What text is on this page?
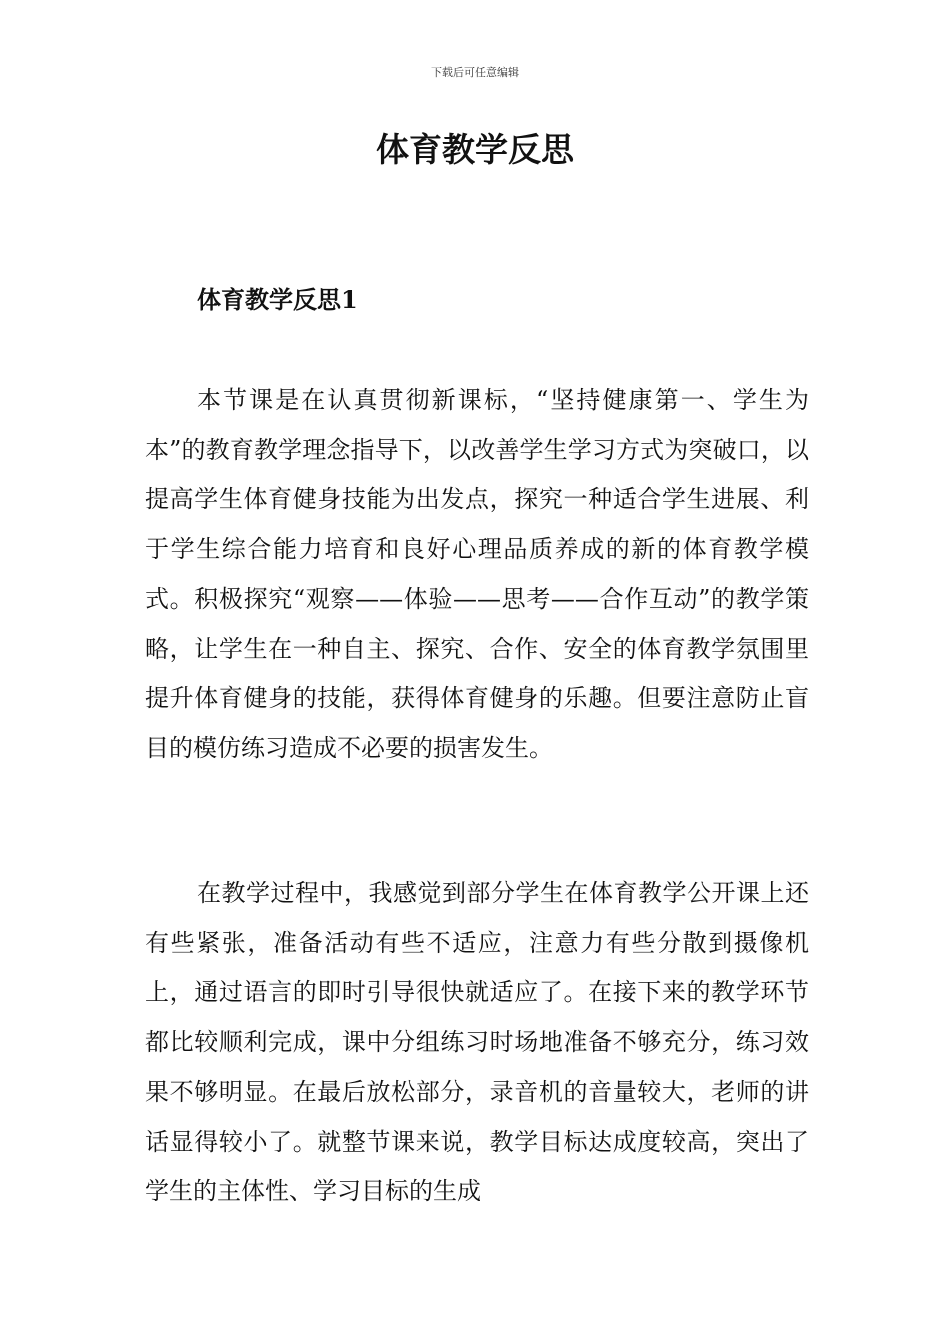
下载后可任意编辑
体育教学反思
体育教学反思1

本节课是在认真贯彻新课标，“坚持健康第一、学生为本”的教育教学理念指导下，以改善学生学习方式为突破口，以提高学生体育健身技能为出发点，探究一种适合学生进展、利于学生综合能力培育和良好心理品质养成的新的体育教学模式。积极探究“观察——体验——思考——合作互动”的教学策略，让学生在一种自主、探究、合作、安全的体育教学氛围里提升体育健身的技能，获得体育健身的乐趣。但要注意防止盲目的模仿练习造成不必要的损害发生。

在教学过程中，我感觉到部分学生在体育教学公开课上还有些紧张，准备活动有些不适应，注意力有些分散到摄像机上，通过语言的即时引导很快就适应了。在接下来的教学环节都比较顺利完成，课中分组练习时场地准备不够充分，练习效果不够明显。在最后放松部分，录音机的音量较大，老师的讲话显得较小了。就整节课来说，教学目标达成度较高，突出了学生的主体性、学习目标的生成
